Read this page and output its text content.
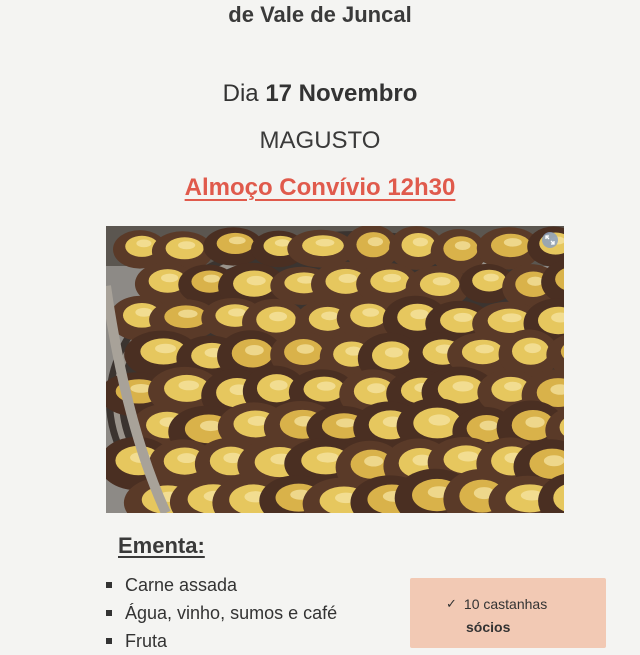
de Vale de Juncal
Dia 17 Novembro
MAGUSTO
Almoço Convívio 12h30
Ementa:
Carne assada
Água, vinho, sumos e café
Fruta
✓ 10 castanhas
sócios
